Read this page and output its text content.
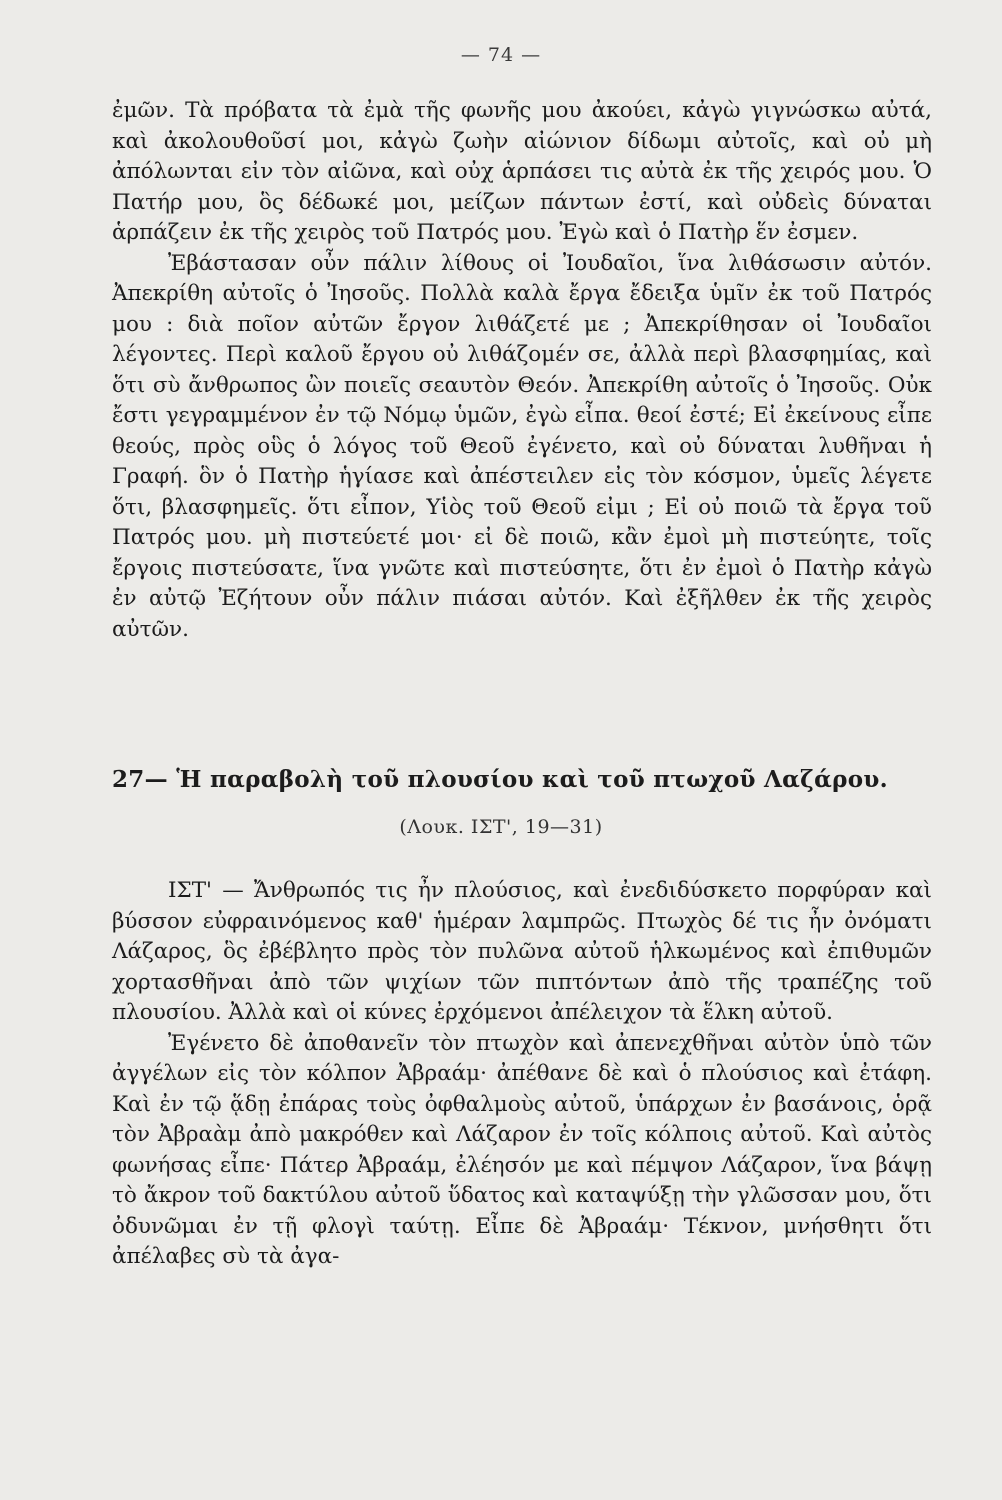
— 74 —

ἐμῶν. Τὰ πρόβατα τὰ ἐμὰ τῆς φωνῆς μου ἀκούει, κἀγὼ γιγνώσκω αὐτά, καὶ ἀκολουθοῦσί μοι, κἀγὼ ζωὴν αἰώνιον δίδωμι αὐτοῖς, καὶ οὐ μὴ ἀπόλωνται εἰν τὸν αἰῶνα, καὶ οὐχ ἁρπάσει τις αὐτὰ ἐκ τῆς χειρός μου. Ὁ Πατήρ μου, ὃς δέδωκέ μοι, μείζων πάντων ἐστί, καὶ οὐδεὶς δύναται ἁρπάζειν ἐκ τῆς χειρὸς τοῦ Πατρός μου. Ἐγὼ καὶ ὁ Πατὴρ ἕν ἐσμεν.

Ἐβάστασαν οὖν πάλιν λίθους οἱ Ἰουδαῖοι, ἵνα λιθάσωσιν αὐτόν. Ἀπεκρίθη αὐτοῖς ὁ Ἰησοῦς. Πολλὰ καλὰ ἔργα ἔδειξα ὑμῖν ἐκ τοῦ Πατρός μου : διὰ ποῖον αὐτῶν ἔργον λιθάζετέ με ; Ἀπεκρίθησαν οἱ Ἰουδαῖοι λέγοντες. Περὶ καλοῦ ἔργου οὐ λιθάζομέν σε, ἀλλὰ περὶ βλασφημίας, καὶ ὅτι σὺ ἄνθρωπος ὢν ποιεῖς σεαυτὸν Θεόν. Ἀπεκρίθη αὐτοῖς ὁ Ἰησοῦς. Οὐκ ἔστι γεγραμμένον ἐν τῷ Νόμῳ ὑμῶν, ἐγὼ εἶπα. θεοί ἐστέ; Εἰ ἐκείνους εἶπε θεούς, πρὸς οὓς ὁ λόγος τοῦ Θεοῦ ἐγένετο, καὶ οὐ δύναται λυθῆναι ἡ Γραφή. ὃν ὁ Πατὴρ ἡγίασε καὶ ἀπέστειλεν εἰς τὸν κόσμον, ὑμεῖς λέγετε ὅτι, βλασφημεῖς. ὅτι εἶπον, Υἱὸς τοῦ Θεοῦ εἰμι ; Εἰ οὐ ποιῶ τὰ ἔργα τοῦ Πατρός μου. μὴ πιστεύετέ μοι· εἰ δὲ ποιῶ, κἂν ἐμοὶ μὴ πιστεύητε, τοῖς ἔργοις πιστεύσατε, ἵνα γνῶτε καὶ πιστεύσητε, ὅτι ἐν ἐμοὶ ὁ Πατὴρ κἀγὼ ἐν αὐτῷ Ἐζήτουν οὖν πάλιν πιάσαι αὐτόν. Καὶ ἐξῆλθεν ἐκ τῆς χειρὸς αὐτῶν.

27— Ἡ παραβολὴ τοῦ πλουσίου καὶ τοῦ πτωχοῦ Λαζάρου.
(Λουκ. ΙΣΤ', 19—31)

ΙΣΤ' — Ἄνθρωπός τις ἦν πλούσιος, καὶ ἐνεδιδύσκετο πορφύραν καὶ βύσσον εὐφραινόμενος καθ' ἡμέραν λαμπρῶς. Πτωχὸς δέ τις ἦν ὀνόματι Λάζαρος, ὃς ἐβέβλητο πρὸς τὸν πυλῶνα αὐτοῦ ἡλκωμένος καὶ ἐπιθυμῶν χορτασθῆναι ἀπὸ τῶν ψιχίων τῶν πιπτόντων ἀπὸ τῆς τραπέζης τοῦ πλουσίου. Ἀλλὰ καὶ οἱ κύνες ἐρχόμενοι ἀπέλειχον τὰ ἕλκη αὐτοῦ.

Ἐγένετο δὲ ἀποθανεῖν τὸν πτωχὸν καὶ ἀπενεχθῆναι αὐτὸν ὑπὸ τῶν ἀγγέλων εἰς τὸν κόλπον Ἀβραάμ· ἀπέθανε δὲ καὶ ὁ πλούσιος καὶ ἐτάφη. Καὶ ἐν τῷ ᾅδῃ ἐπάρας τοὺς ὀφθαλμοὺς αὐτοῦ, ὑπάρχων ἐν βασάνοις, ὁρᾷ τὸν Ἀβραὰμ ἀπὸ μακρόθεν καὶ Λάζαρον ἐν τοῖς κόλποις αὐτοῦ. Καὶ αὐτὸς φωνήσας εἶπε· Πάτερ Ἀβραάμ, ἐλέησόν με καὶ πέμψον Λάζαρον, ἵνα βάψῃ τὸ ἄκρον τοῦ δακτύλου αὐτοῦ ὕδατος καὶ καταψύξῃ τὴν γλῶσσαν μου, ὅτι ὀδυνῶμαι ἐν τῇ φλογὶ ταύτῃ. Εἶπε δὲ Ἀβραάμ· Τέκνον, μνήσθητι ὅτι ἀπέλαβες σὺ τὰ ἀγα-
